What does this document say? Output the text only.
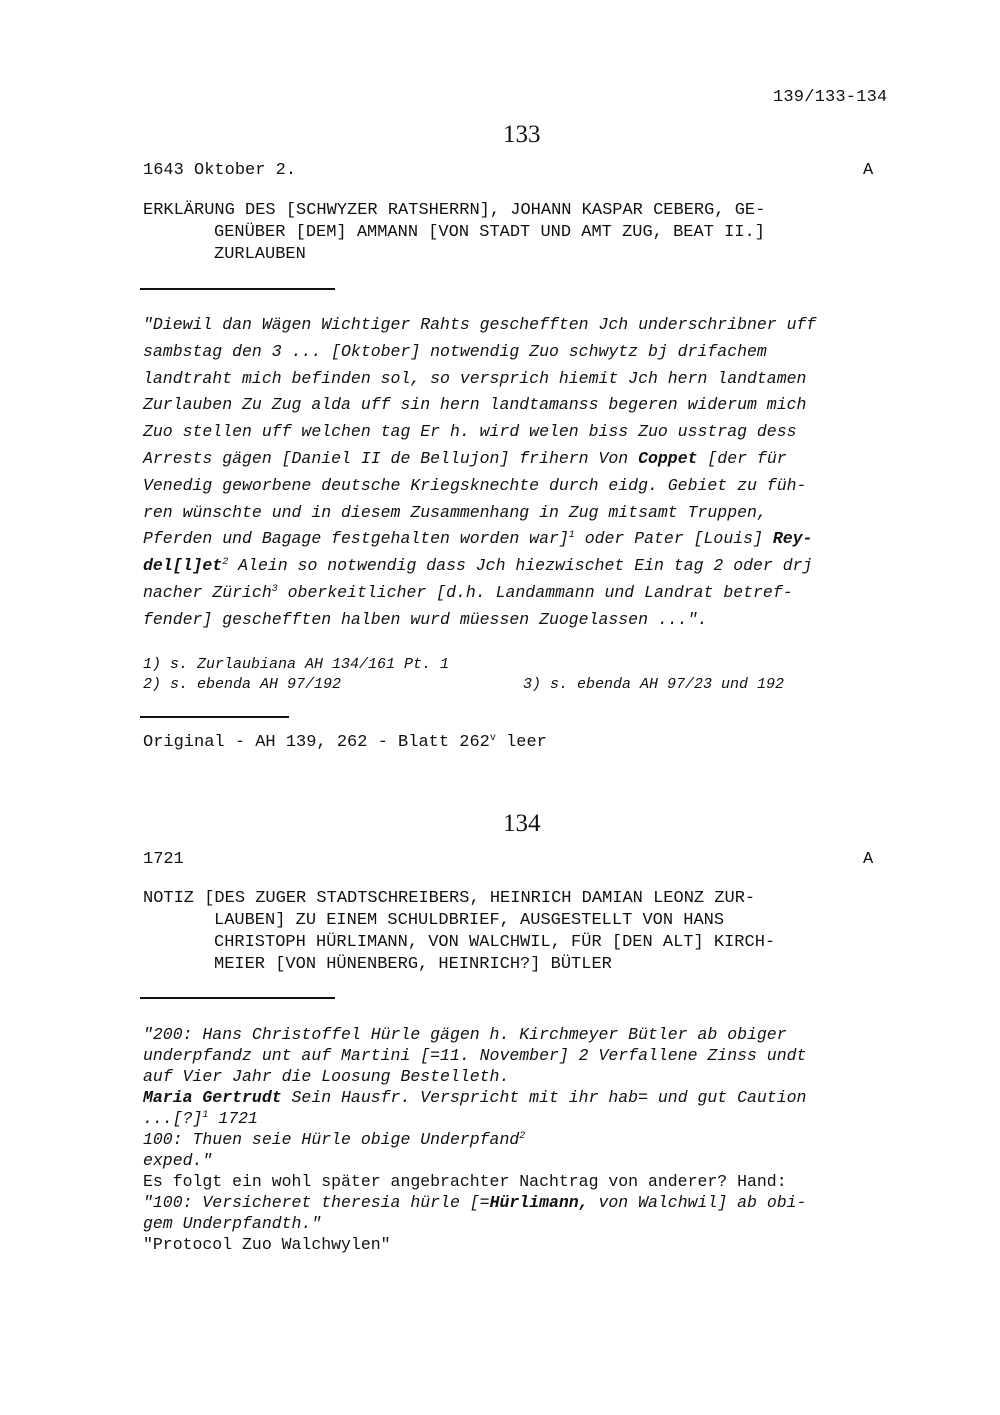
139/133-134
133
1643 Oktober 2.	A
ERKLÄRUNG DES [SCHWYZER RATSHERRN], JOHANN KASPAR CEBERG, GE-
GENÜBER [DEM] AMMANN [VON STADT UND AMT ZUG, BEAT II.]
ZURLAUBEN
"Diewil dan Wägen Wichtiger Rahts geschefften Jch underschribner uff
sambstag den 3 ... [Oktober] notwendig Zuo schwytz bj drifachem
landtraht mich befinden sol, so versprich hiemit Jch hern landtamen
Zurlauben Zu Zug alda uff sin hern landtamanss begeren widerum mich
Zuo stellen uff welchen tag Er h. wird welen biss Zuo usstrag dess
Arrests gägen [Daniel II de Bellujon] frihern Von Coppet [der für
Venedig geworbene deutsche Kriegsknechte durch eidg. Gebiet zu füh-
ren wünschte und in diesem Zusammenhang in Zug mitsamt Truppen,
Pferden und Bagage festgehalten worden war]$^1$ oder Pater [Louis] Rey-
$del[l]et^2$ Alein so notwendig dass Jch hiezwischet Ein tag 2 oder drj
nacher Zürich$^3$ oberkeitlicher [d.h. Landammann und Landrat betref-
fender] geschefften halben wurd müessen Zuogelassen ...".
1) s. Zurlaubiana AH 134/161 Pt. 1
2) s. ebenda AH 97/192	3) s. ebenda AH 97/23 und 192
Original - AH 139, 262 - Blatt 262$^v$ leer
134
1721	A
NOTIZ [DES ZUGER STADTSCHREIBERS, HEINRICH DAMIAN LEONZ ZUR-
LAUBEN] ZU EINEM SCHULDBRIEF, AUSGESTELLT VON HANS
CHRISTOPH HÜRLIMANN, VON WALCHWIL, FÜR [DEN ALT] KIRCH-
MEIER [VON HÜNENBERG, HEINRICH?] BÜTLER
"200: Hans Christoffel Hürle gägen h. Kirchmeyer Bütler ab obiger
underpfandz unt auf Martini [=11. November] 2 Verfallene Zinss undt
auf Vier Jahr die Loosung Bestelleth.
Maria Gertrudt Sein Hausfr. Verspricht mit ihr hab= und gut Caution
...[?]$^1$ 1721
100: Thuen seie Hürle obige Underpfand$^2$
exped."
Es folgt ein wohl später angebrachter Nachtrag von anderer? Hand:
"100: Versicheret theresia hürle [=Hürlimann, von Walchwil] ab obi-
gem Underpfandth."
"Protocol Zuo Walchwylen"
